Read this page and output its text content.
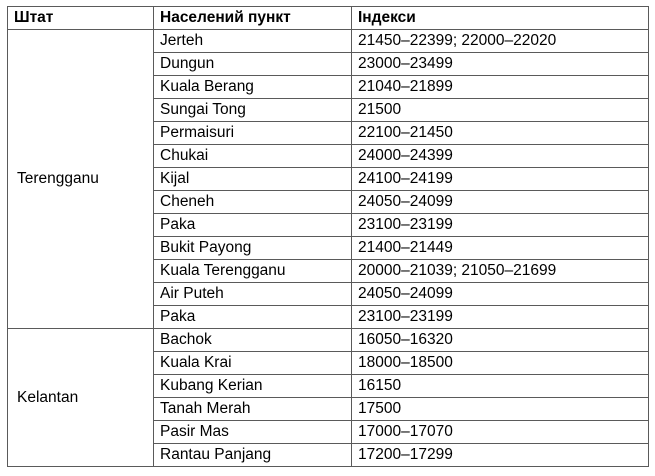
Штат	Населений пункт	Індекси
Terengganu	Jerteh	21450–22399; 22000–22020
	Dungun	23000–23499
	Kuala Berang	21040–21899
	Sungai Tong	21500
	Permaisuri	22100–21450
	Chukai	24000–24399
	Kijal	24100–24199
	Cheneh	24050–24099
	Paka	23100–23199
	Bukit Payong	21400–21449
	Kuala Terengganu	20000–21039; 21050–21699
	Air Puteh	24050–24099
	Paka	23100–23199
Kelantan	Bachok	16050–16320
	Kuala Krai	18000–18500
	Kubang Kerian	16150
	Tanah Merah	17500
	Pasir Mas	17000–17070
	Rantau Panjang	17200–17299
